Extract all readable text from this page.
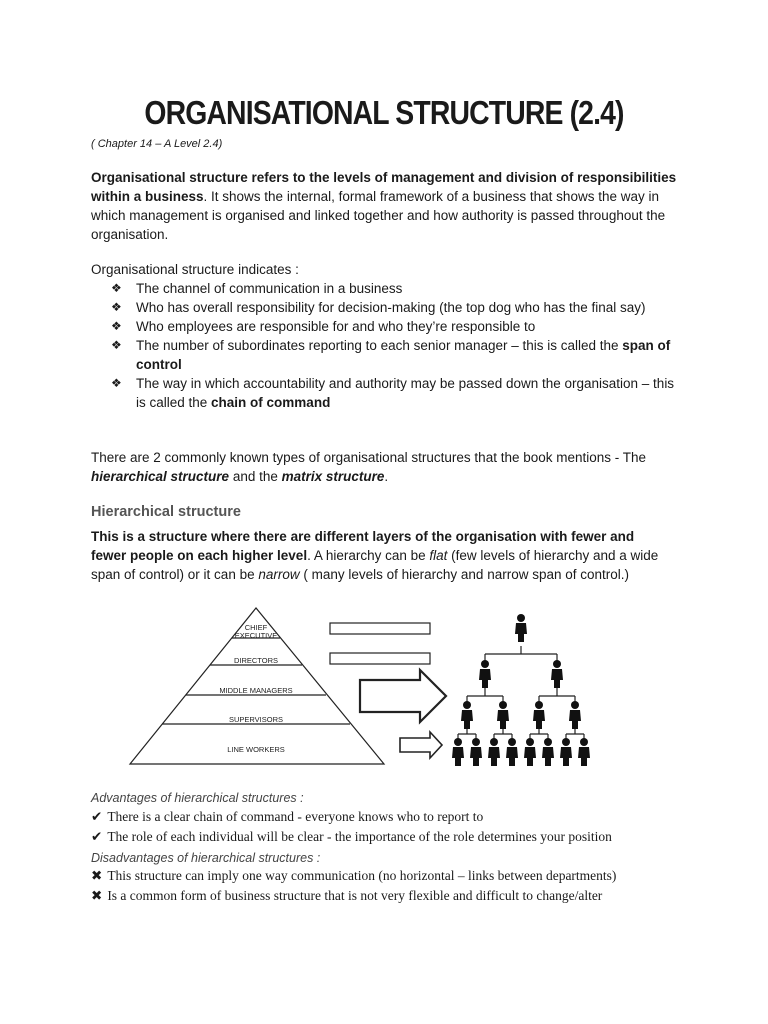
ORGANISATIONAL STRUCTURE (2.4)

( Chapter 14 – A Level 2.4)

Organisational structure refers to the levels of management and division of responsibilities within a business. It shows the internal, formal framework of a business that shows the way in which management is organised and linked together and how authority is passed throughout the organisation.

Organisational structure indicates :

❖ The channel of communication in a business
❖ Who has overall responsibility for decision-making (the top dog who has the final say)
❖ Who employees are responsible for and who they’re responsible to
❖ The number of subordinates reporting to each senior manager – this is called the span of control
❖ The way in which accountability and authority may be passed down the organisation – this is called the chain of command

There are 2 commonly known types of organisational structures that the book mentions - The hierarchical structure and the matrix structure.

Hierarchical structure

This is a structure where there are different layers of the organisation with fewer and fewer people on each higher level. A hierarchy can be flat (few levels of hierarchy and a wide span of control) or it can be narrow ( many levels of hierarchy and narrow span of control.)

CHIEF
EXECUTIVE
DIRECTORS
MIDDLE MANAGERS
SUPERVISORS
LINE WORKERS

Advantages of hierarchical structures :

✔ There is a clear chain of command - everyone knows who to report to
✔ The role of each individual will be clear - the importance of the role determines your position

Disadvantages of hierarchical structures :

✖ This structure can imply one way communication (no horizontal – links between departments)
✖ Is a common form of business structure that is not very flexible and difficult to change/alter
